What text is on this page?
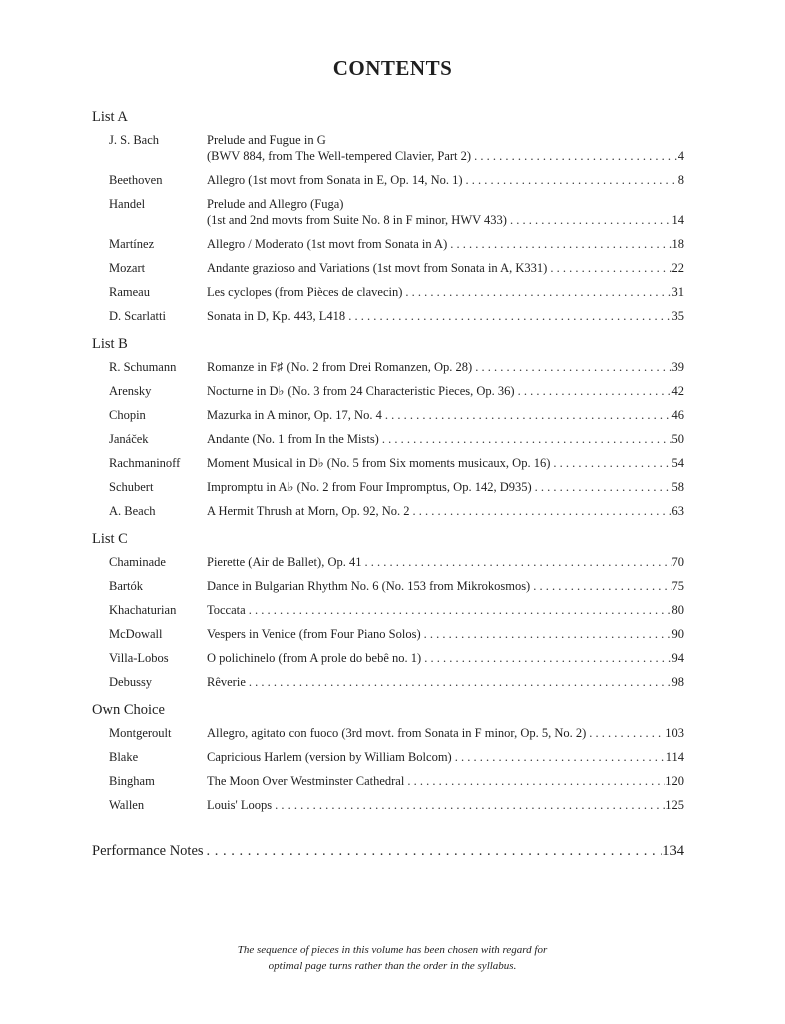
CONTENTS
List A
J. S. Bach	Prelude and Fugue in G
(BWV 884, from The Well-tempered Clavier, Part 2) . . .	4
Beethoven	Allegro (1st movt from Sonata in E, Op. 14, No. 1) . . .	8
Handel	Prelude and Allegro (Fuga)
(1st and 2nd movts from Suite No. 8 in F minor, HWV 433) . . .	14
Martínez	Allegro / Moderato (1st movt from Sonata in A) . . .	18
Mozart	Andante grazioso and Variations (1st movt from Sonata in A, K331) . . .	22
Rameau	Les cyclopes (from Pièces de clavecin) . . .	31
D. Scarlatti	Sonata in D, Kp. 443, L418 . . .	35
List B
R. Schumann Romanze in F♯ (No. 2 from Drei Romanzen, Op. 28) . . .	39
Arensky	Nocturne in D♭ (No. 3 from 24 Characteristic Pieces, Op. 36) . . .	42
Chopin	Mazurka in A minor, Op. 17, No. 4 . . .	46
Janáček	Andante (No. 1 from In the Mists) . . .	50
Rachmaninoff Moment Musical in D♭ (No. 5 from Six moments musicaux, Op. 16) . . .	54
Schubert	Impromptu in A♭ (No. 2 from Four Impromptus, Op. 142, D935) . . .	58
A. Beach	A Hermit Thrush at Morn, Op. 92, No. 2 . . .	63
List C
Chaminade	Pierette (Air de Ballet), Op. 41 . . .	70
Bartók	Dance in Bulgarian Rhythm No. 6 (No. 153 from Mikrokosmos) . . .	75
Khachaturian Toccata . . .	80
McDowall	Vespers in Venice (from Four Piano Solos) . . .	90
Villa-Lobos	O polichinelo (from A prole do bebê no. 1) . . .	94
Debussy	Rêverie . . .	98
Own Choice
Montgeroult	Allegro, agitato con fuoco (3rd movt. from Sonata in F minor, Op. 5, No. 2) . . .	103
Blake	Capricious Harlem (version by William Bolcom) . . .	114
Bingham	The Moon Over Westminster Cathedral . . .	120
Wallen	Louis' Loops . . .	125
Performance Notes . . .	134
The sequence of pieces in this volume has been chosen with regard for
optimal page turns rather than the order in the syllabus.
